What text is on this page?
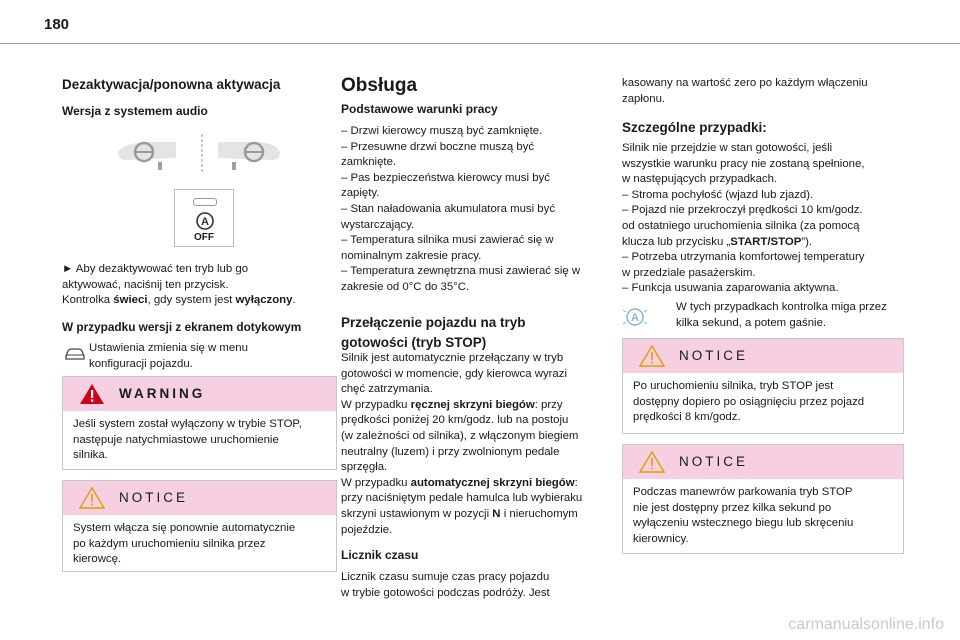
180
Dezaktywacja/ponowna aktywacja
Wersja z systemem audio
A
OFF
► Aby dezaktywować ten tryb lub go
aktywować, naciśnij ten przycisk.
Kontrolka świeci, gdy system jest wyłączony.
W przypadku wersji z ekranem dotykowym
Ustawienia zmienia się w menu
konfiguracji pojazdu.
WARNING
Jeśli system został wyłączony w trybie STOP,
następuje natychmiastowe uruchomienie
silnika.
NOTICE
System włącza się ponownie automatycznie
po każdym uruchomieniu silnika przez
kierowcę.
Obsługa
Podstawowe warunki pracy
– Drzwi kierowcy muszą być zamknięte.
– Przesuwne drzwi boczne muszą być
zamknięte.
– Pas bezpieczeństwa kierowcy musi być
zapięty.
– Stan naładowania akumulatora musi być
wystarczający.
– Temperatura silnika musi zawierać się w
nominalnym zakresie pracy.
– Temperatura zewnętrzna musi zawierać się w
zakresie od 0°C do 35°C.
Przełączenie pojazdu na tryb
gotowości (tryb STOP)
Silnik jest automatycznie przełączany w tryb
gotowości w momencie, gdy kierowca wyrazi
chęć zatrzymania.
W przypadku ręcznej skrzyni biegów: przy
prędkości poniżej 20 km/godz. lub na postoju
(w zależności od silnika), z włączonym biegiem
neutralny (luzem) i przy zwolnionym pedale
sprzęgła.
W przypadku automatycznej skrzyni biegów:
przy naciśniętym pedale hamulca lub wybieraku
skrzyni ustawionym w pozycji N i nieruchomym
pojeździe.
Licznik czasu
Licznik czasu sumuje czas pracy pojazdu
w trybie gotowości podczas podróży. Jest
kasowany na wartość zero po każdym włączeniu
zapłonu.
Szczególne przypadki:
Silnik nie przejdzie w stan gotowości, jeśli
wszystkie warunku pracy nie zostaną spełnione,
w następujących przypadkach.
– Stroma pochyłość (wjazd lub zjazd).
– Pojazd nie przekroczył prędkości 10 km/godz.
od ostatniego uruchomienia silnika (za pomocą
klucza lub przycisku „START/STOP”).
– Potrzeba utrzymania komfortowej temperatury
w przedziale pasażerskim.
– Funkcja usuwania zaparowania aktywna.
A
W tych przypadkach kontrolka miga przez
kilka sekund, a potem gaśnie.
NOTICE
Po uruchomieniu silnika, tryb STOP jest
dostępny dopiero po osiągnięciu przez pojazd
prędkości 8 km/godz.
NOTICE
Podczas manewrów parkowania tryb STOP
nie jest dostępny przez kilka sekund po
wyłączeniu wstecznego biegu lub skręceniu
kierownicy.
carmanualsonline.info
